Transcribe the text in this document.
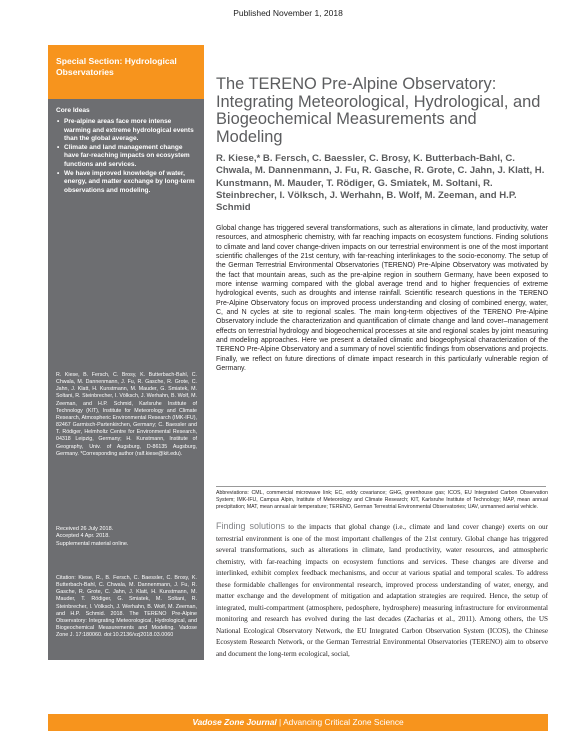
Published November 1, 2018
Special Section: Hydrological Observatories
Core Ideas
• Pre-alpine areas face more intense warming and extreme hydrological events than the global average.
• Climate and land management change have far-reaching impacts on ecosystem functions and services.
• We have improved knowledge of water, energy, and matter exchange by long-term observations and modeling.
R. Kiese, B. Fersch, C. Brosy, K. Butterbach-Bahl, C. Chwala, M. Dannenmann, J. Fu, R. Gasche, R. Grote, C. Jahn, J. Klatt, H. Kunstmann, M. Mauder, G. Smiatek, M. Soltani, R. Steinbrecher, I. Völksch, J. Werhahn, B. Wolf, M. Zeeman, and H.P. Schmid, Karlsruhe Institute of Technology (KIT), Institute for Meteorology and Climate Research, Atmospheric Environmental Research (IMK-IFU), 82467 Garmisch-Partenkirchen, Germany; C. Baessler and T. Rödiger, Helmholtz Centre for Environmental Research, 04318 Leipzig, Germany; H. Kunstmann, Institute of Geography, Univ. of Augsburg, D-86135 Augsburg, Germany. *Corresponding author (ralf.kiese@kit.edu).
Received 26 July 2018.
Accepted 4 Apr. 2018.
Supplemental material online.
Citation: Kiese, R., B. Fersch, C. Baessler, C. Brosy, K. Butterbach-Bahl, C. Chwala, M. Dannenmann, J. Fu, R. Gasche, R. Grote, C. Jahn, J. Klatt, H. Kunstmann, M. Mauder, T. Rödiger, G. Smiatek, M. Soltani, R. Steinbrecher, I. Völksch, J. Werhahn, B. Wolf, M. Zeeman, and H.P. Schmid. 2018. The TERENO Pre-Alpine Observatory: Integrating Meteorological, Hydrological, and Biogeochemical Measurements and Modeling. Vadose Zone J. 17:180060. doi:10.2136/vzj2018.03.0060
© Soil Science Society of America. This is an open access article distributed under the CC BY-NC-ND license (http://creativecommons.org/licenses/by-nc-nd/4.0/).
The TERENO Pre-Alpine Observatory: Integrating Meteorological, Hydrological, and Biogeochemical Measurements and Modeling
R. Kiese,* B. Fersch, C. Baessler, C. Brosy, K. Butterbach-Bahl, C. Chwala, M. Dannenmann, J. Fu, R. Gasche, R. Grote, C. Jahn, J. Klatt, H. Kunstmann, M. Mauder, T. Rödiger, G. Smiatek, M. Soltani, R. Steinbrecher, I. Völksch, J. Werhahn, B. Wolf, M. Zeeman, and H.P. Schmid
Global change has triggered several transformations, such as alterations in climate, land productivity, water resources, and atmospheric chemistry, with far reaching impacts on ecosystem functions. Finding solutions to climate and land cover change-driven impacts on our terrestrial environment is one of the most important scientific challenges of the 21st century, with far-reaching interlinkages to the socio-economy. The setup of the German Terrestrial Environmental Observatories (TERENO) Pre-Alpine Observatory was motivated by the fact that mountain areas, such as the pre-alpine region in southern Germany, have been exposed to more intense warming compared with the global average trend and to higher frequencies of extreme hydrological events, such as droughts and intense rainfall. Scientific research questions in the TERENO Pre-Alpine Observatory focus on improved process understanding and closing of combined energy, water, C, and N cycles at site to regional scales. The main long-term objectives of the TERENO Pre-Alpine Observatory include the characterization and quantification of climate change and land cover–management effects on terrestrial hydrology and biogeochemical processes at site and regional scales by joint measuring and modeling approaches. Here we present a detailed climatic and biogeophysical characterization of the TERENO Pre-Alpine Observatory and a summary of novel scientific findings from observations and projects. Finally, we reflect on future directions of climate impact research in this particularly vulnerable region of Germany.
Abbreviations: CML, commercial microwave link; EC, eddy covariance; GHG, greenhouse gas; ICOS, EU Integrated Carbon Observation System; IMK-IFU, Campus Alpin, Institute of Meteorology and Climate Research; KIT, Karlsruhe Institute of Technology; MAP, mean annual precipitation; MAT, mean annual air temperature; TERENO, German Terrestrial Environmental Observatories; UAV, unmanned aerial vehicle.
Finding solutions to the impacts that global change (i.e., climate and land cover change) exerts on our terrestrial environment is one of the most important challenges of the 21st century. Global change has triggered several transformations, such as alterations in climate, land productivity, water resources, and atmospheric chemistry, with far-reaching impacts on ecosystem functions and services. These changes are diverse and interlinked, exhibit complex feedback mechanisms, and occur at various spatial and temporal scales. To address these formidable challenges for environmental research, improved process understanding of water, energy, and matter exchange and the development of mitigation and adaptation strategies are required. Hence, the setup of integrated, multi-compartment (atmosphere, pedosphere, hydrosphere) measuring infrastructure for environmental monitoring and research has evolved during the last decades (Zacharias et al., 2011). Among others, the US National Ecological Observatory Network, the EU Integrated Carbon Observation System (ICOS), the Chinese Ecosystem Research Network, or the German Terrestrial Environmental Observatories (TERENO) aim to observe and document the long-term ecological, social,
Vadose Zone Journal | Advancing Critical Zone Science
